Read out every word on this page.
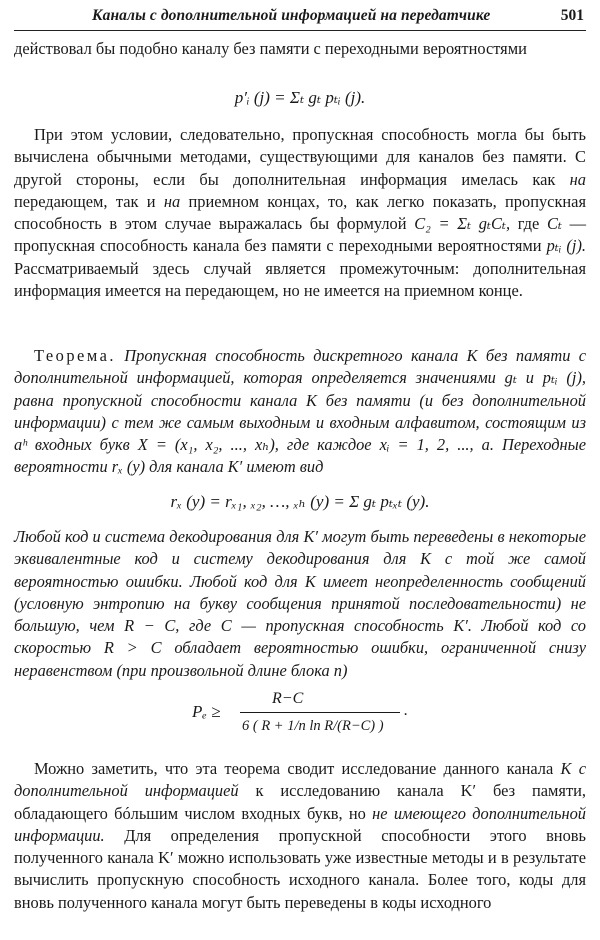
Каналы с дополнительной информацией на передатчике	501

действовал бы подобно каналу без памяти с переходными вероятностями

p′ᵢ (j) = Σₜ gₜ pₜᵢ (j).

При этом условии, следовательно, пропускная способность могла бы быть вычислена обычными методами, существующими для каналов без памяти. С другой стороны, если бы дополнительная информация имелась как на передающем, так и на приемном концах, то, как легко показать, пропускная способность в этом случае выражалась бы формулой C₂ = Σₜ gₜCₜ, где Cₜ — пропускная способность канала без памяти с переходными вероятностями pₜᵢ (j). Рассматриваемый здесь случай является промежуточным: дополнительная информация имеется на передающем, но не имеется на приемном конце.

Теорема. Пропускная способность дискретного канала K без памяти с дополнительной информацией, которая определяется значениями gₜ и pₜᵢ (j), равна пропускной способности канала K без памяти (и без дополнительной информации) с тем же самым выходным и входным алфавитом, состоящим из aʰ входных букв X = (x₁, x₂, ..., xₕ), где каждое xᵢ = 1, 2, ..., a. Переходные вероятности rₓ (y) для канала K′ имеют вид

rₓ (y) = rₓ₁, ₓ₂, …, ₓₕ (y) = Σ gₜ pₜₓₜ (y).

Любой код и система декодирования для K′ могут быть переведены в некоторые эквивалентные код и систему декодирования для K с той же самой вероятностью ошибки. Любой код для K имеет неопределенность сообщений (условную энтропию на букву сообщения принятой последовательности) не большую, чем R − C, где C — пропускная способность K′. Любой код со скоростью R > C обладает вероятностью ошибки, ограниченной снизу неравенством (при произвольной длине блока n)

Pₑ ≥
R−C
6 ( R + 1/n ln R/(R−C) )
.

Можно заметить, что эта теорема сводит исследование данного канала K с дополнительной информацией к исследованию канала K′ без памяти, обладающего бóльшим числом входных букв, но не имеющего дополнительной информации. Для определения пропускной способности этого вновь полученного канала K′ можно использовать уже известные методы и в результате вычислить пропускную способность исходного канала. Более того, коды для вновь полученного канала могут быть переведены в коды исходного
